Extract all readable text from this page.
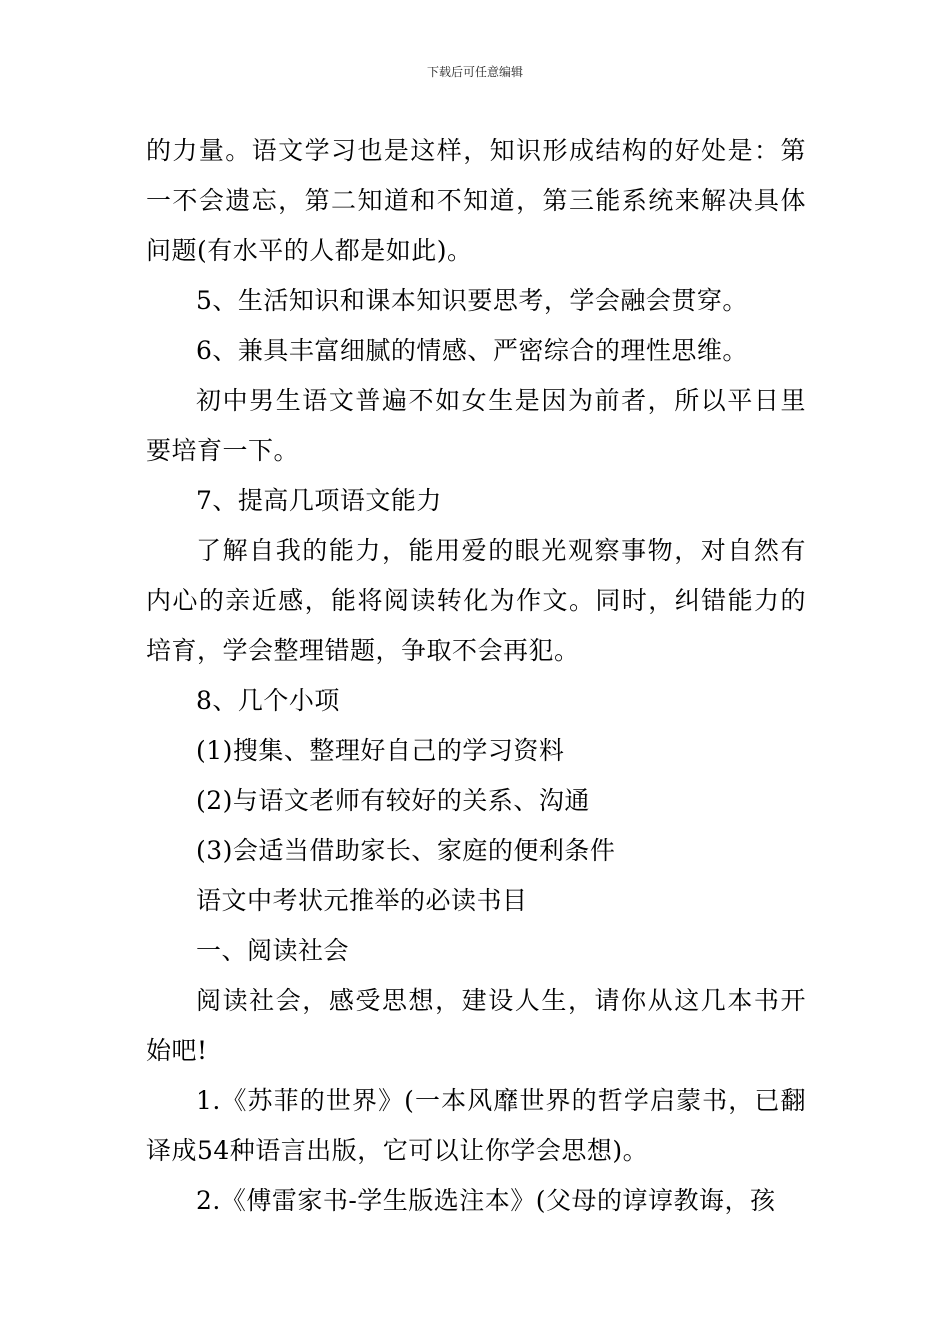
下载后可任意编辑

的力量。语文学习也是这样，知识形成结构的好处是：第一不会遗忘，第二知道和不知道，第三能系统来解决具体问题(有水平的人都是如此)。

5、生活知识和课本知识要思考，学会融会贯穿。

6、兼具丰富细腻的情感、严密综合的理性思维。

初中男生语文普遍不如女生是因为前者，所以平日里要培育一下。

7、提高几项语文能力

了解自我的能力，能用爱的眼光观察事物，对自然有内心的亲近感，能将阅读转化为作文。同时，纠错能力的培育，学会整理错题，争取不会再犯。

8、几个小项

(1)搜集、整理好自己的学习资料

(2)与语文老师有较好的关系、沟通

(3)会适当借助家长、家庭的便利条件

语文中考状元推举的必读书目

一、阅读社会

阅读社会，感受思想，建设人生，请你从这几本书开始吧!

1.《苏菲的世界》(一本风靡世界的哲学启蒙书，已翻译成54种语言出版，它可以让你学会思想)。

2.《傅雷家书-学生版选注本》(父母的谆谆教诲，孩
